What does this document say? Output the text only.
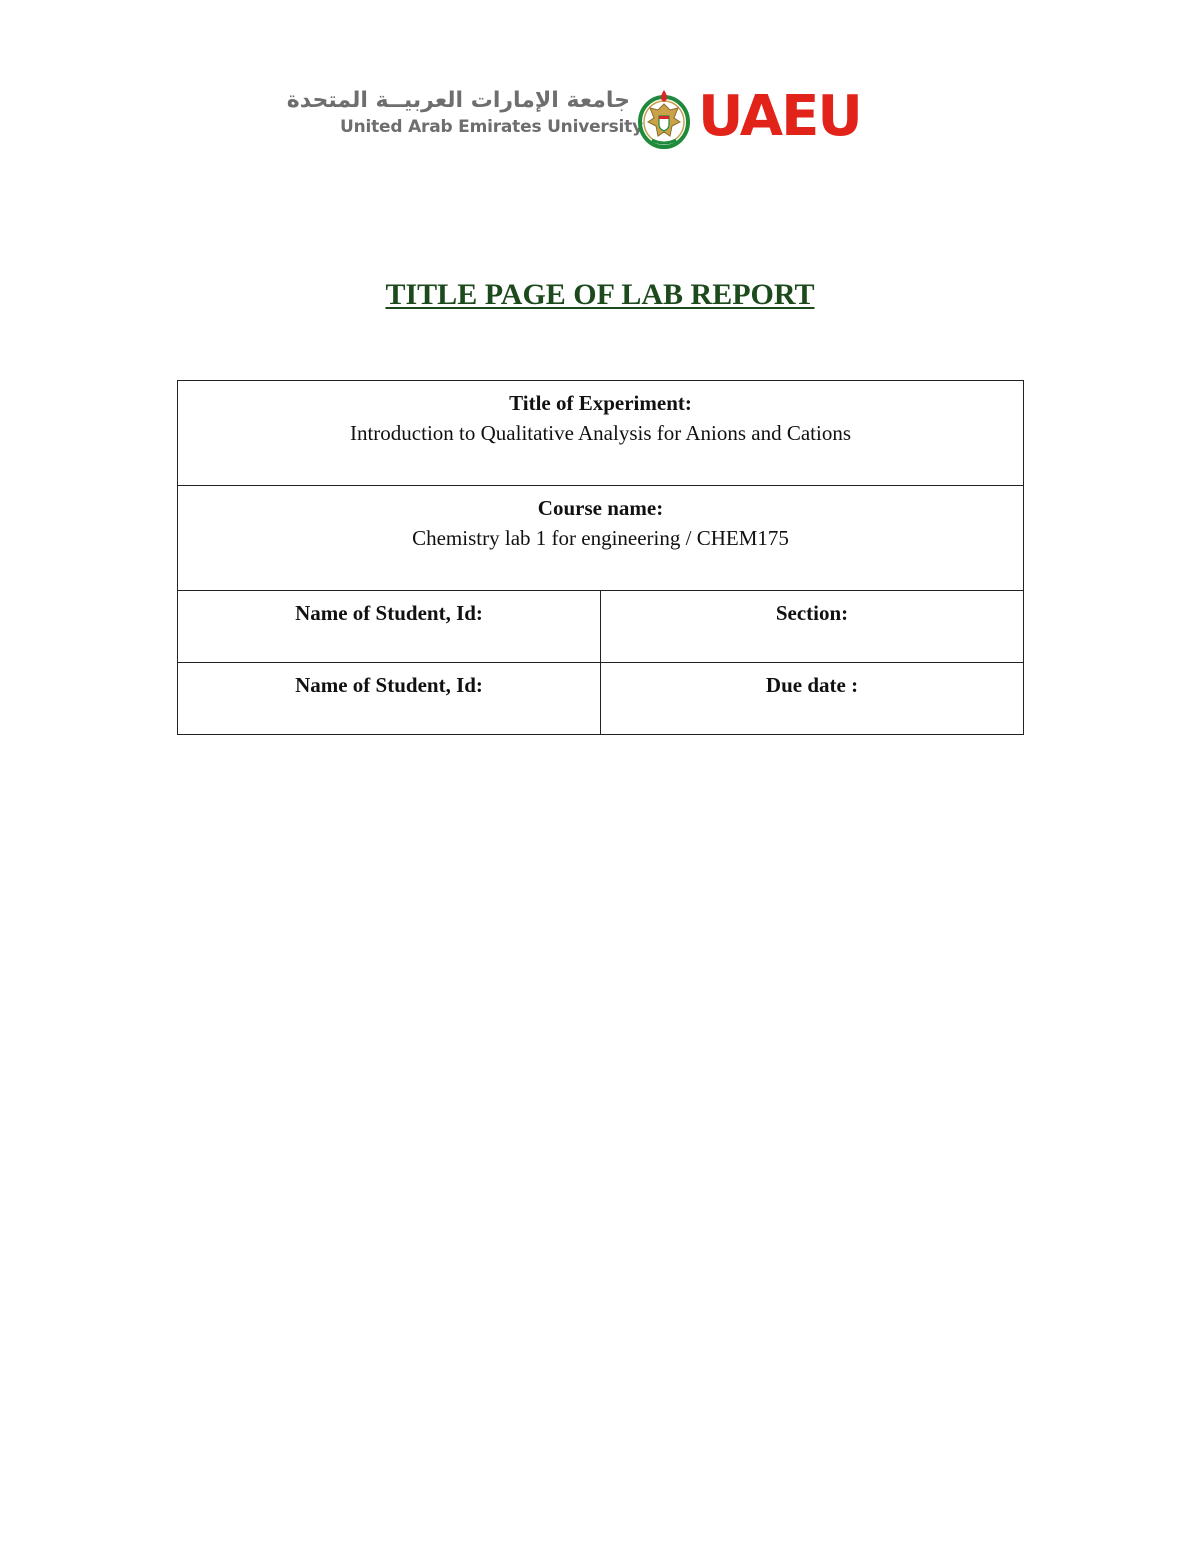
جامعة الإمارات العربيــة المتحدة
United Arab Emirates University UAEU
TITLE PAGE OF LAB REPORT
Title of Experiment:
Introduction to Qualitative Analysis for Anions and Cations	

Course name:
Chemistry lab 1 for engineering / CHEM175	

Name of Student, Id:	Section:

Name of Student, Id:	Due date :
